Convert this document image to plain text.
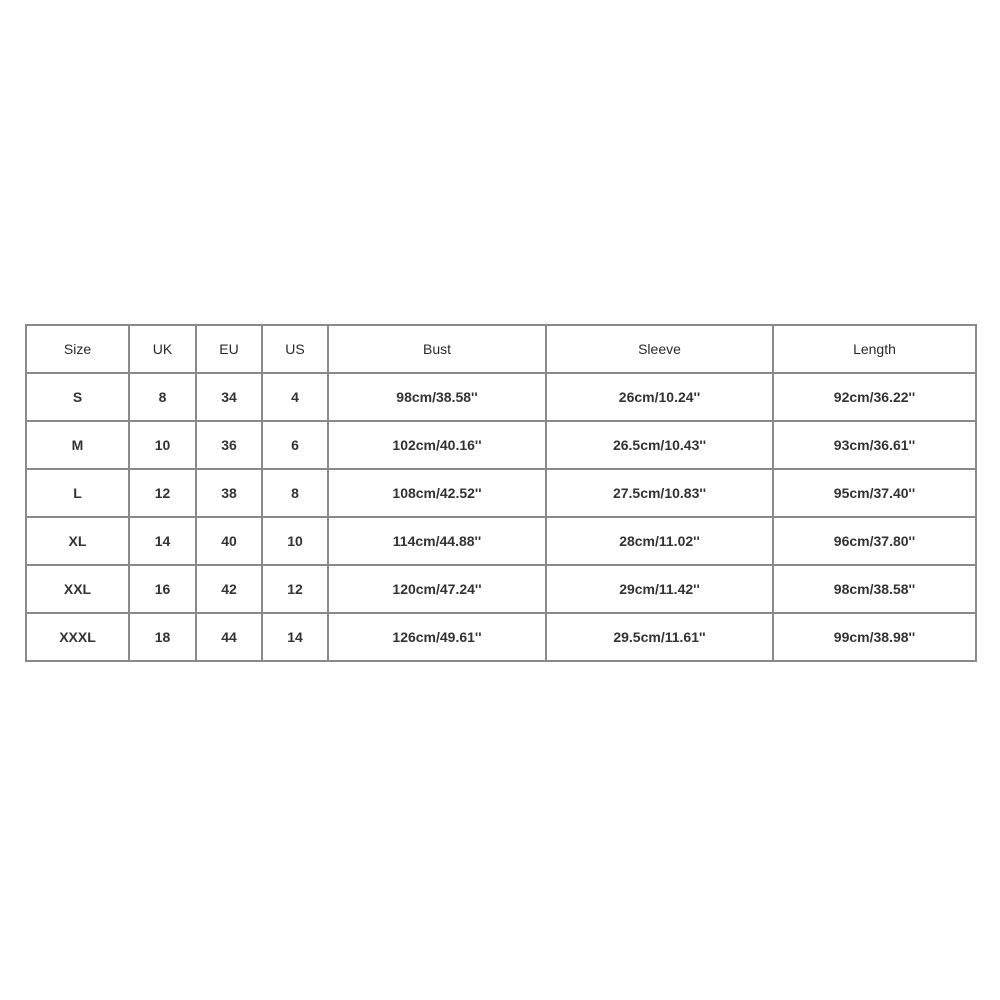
Size	UK	EU	US	Bust	Sleeve	Length
S	8	34	4	98cm/38.58''	26cm/10.24''	92cm/36.22''
M	10	36	6	102cm/40.16''	26.5cm/10.43''	93cm/36.61''
L	12	38	8	108cm/42.52''	27.5cm/10.83''	95cm/37.40''
XL	14	40	10	114cm/44.88''	28cm/11.02''	96cm/37.80''
XXL	16	42	12	120cm/47.24''	29cm/11.42''	98cm/38.58''
XXXL	18	44	14	126cm/49.61''	29.5cm/11.61''	99cm/38.98''
